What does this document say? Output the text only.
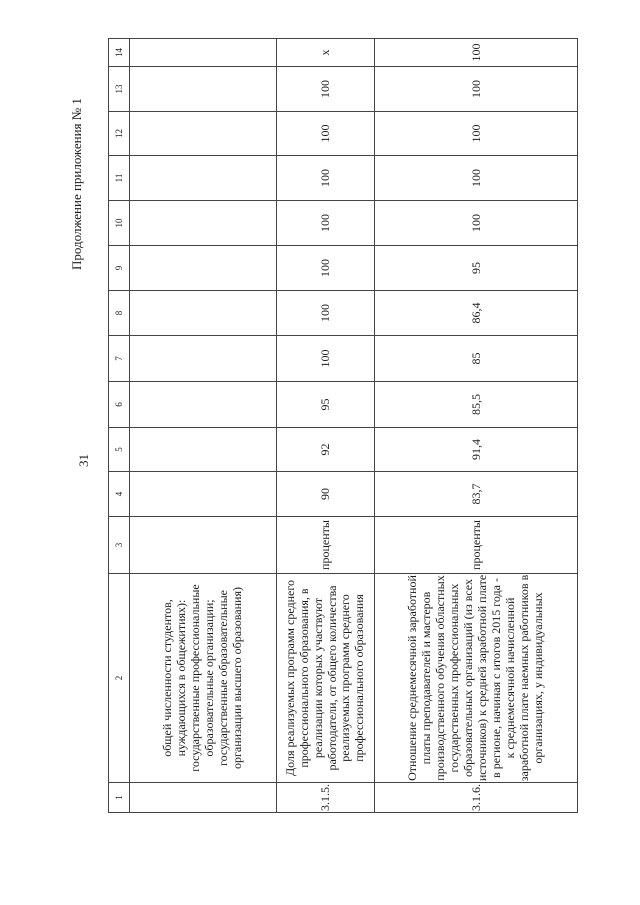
31
Продолжение приложения № 1
1	2	3	4	5	6	7	8	9	10	11	12	13	14
	общей численности студентов, нуждающихся в общежитиях): государственные профессиональные образовательные организации; государственные образовательные организации высшего образования)												
3.1.5.	Доля реализуемых программ среднего профессионального образования, в реализации которых участвуют работодатели, от общего количества реализуемых программ среднего профессионального образования	проценты	90	92	95	100	100	100	100	100	100	100	х
3.1.6.	Отношение среднемесячной заработной платы преподавателей и мастеров производственного обучения областных государственных профессиональных образовательных организаций (из всех источников) к средней заработной плате в регионе, начиная с итогов 2015 года - к среднемесячной начисленной заработной плате наемных работников в организациях, у индивидуальных	проценты	83,7	91,4	85,5	85	86,4	95	100	100	100	100	100
